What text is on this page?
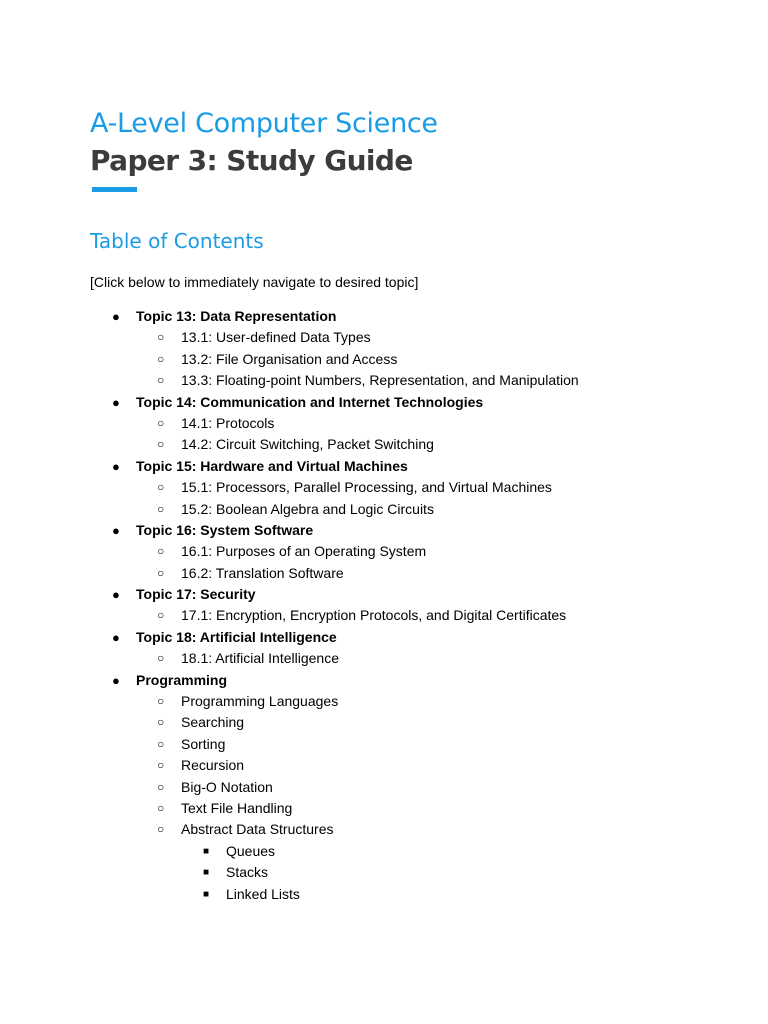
A-Level Computer Science
Paper 3: Study Guide
Table of Contents
[Click below to immediately navigate to desired topic]
● Topic 13: Data Representation
○ 13.1: User-defined Data Types
○ 13.2: File Organisation and Access
○ 13.3: Floating-point Numbers, Representation, and Manipulation
● Topic 14: Communication and Internet Technologies
○ 14.1: Protocols
○ 14.2: Circuit Switching, Packet Switching
● Topic 15: Hardware and Virtual Machines
○ 15.1: Processors, Parallel Processing, and Virtual Machines
○ 15.2: Boolean Algebra and Logic Circuits
● Topic 16: System Software
○ 16.1: Purposes of an Operating System
○ 16.2: Translation Software
● Topic 17: Security
○ 17.1: Encryption, Encryption Protocols, and Digital Certificates
● Topic 18: Artificial Intelligence
○ 18.1: Artificial Intelligence
● Programming
○ Programming Languages
○ Searching
○ Sorting
○ Recursion
○ Big-O Notation
○ Text File Handling
○ Abstract Data Structures
■ Queues
■ Stacks
■ Linked Lists
